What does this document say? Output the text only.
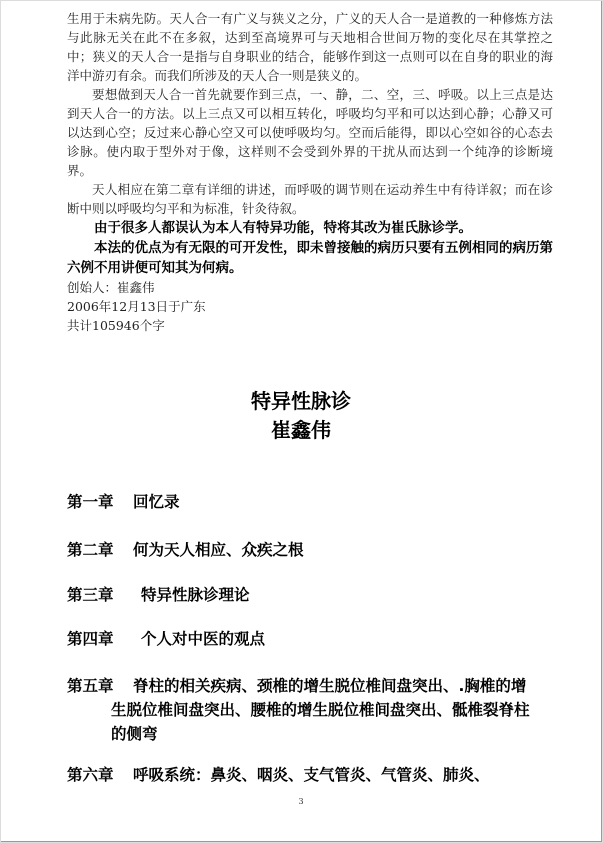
生用于未病先防。天人合一有广义与狭义之分，广义的天人合一是道教的一种修炼方法与此脉无关在此不在多叙，达到至高境界可与天地相合世间万物的变化尽在其掌控之中；狭义的天人合一是指与自身职业的结合，能够作到这一点则可以在自身的职业的海洋中游刃有余。而我们所涉及的天人合一则是狭义的。

要想做到天人合一首先就要作到三点，一、静，二、空，三、呼吸。以上三点是达到天人合一的方法。以上三点又可以相互转化，呼吸均匀平和可以达到心静；心静又可以达到心空；反过来心静心空又可以使呼吸均匀。空而后能得，即以心空如谷的心态去诊脉。使内取于型外对于像，这样则不会受到外界的干扰从而达到一个纯净的诊断境界。

天人相应在第二章有详细的讲述，而呼吸的调节则在运动养生中有待详叙；而在诊断中则以呼吸均匀平和为标准，针灸待叙。

由于很多人都误认为本人有特异功能，特将其改为崔氏脉诊学。

本法的优点为有无限的可开发性，即未曾接触的病历只要有五例相同的病历第六例不用讲便可知其为何病。

创始人：崔鑫伟

2006年12月13日于广东

共计105946个字

特异性脉诊
崔鑫伟
第一章	回忆录
第二章	何为天人相应、众疾之根
第三章	特异性脉诊理论
第四章	个人对中医的观点
第五章	脊柱的相关疾病、颈椎的增生脱位椎间盘突出、.胸椎的增生脱位椎间盘突出、腰椎的增生脱位椎间盘突出、骶椎裂脊柱的侧弯
第六章	呼吸系统：鼻炎、咽炎、支气管炎、气管炎、肺炎、
3
